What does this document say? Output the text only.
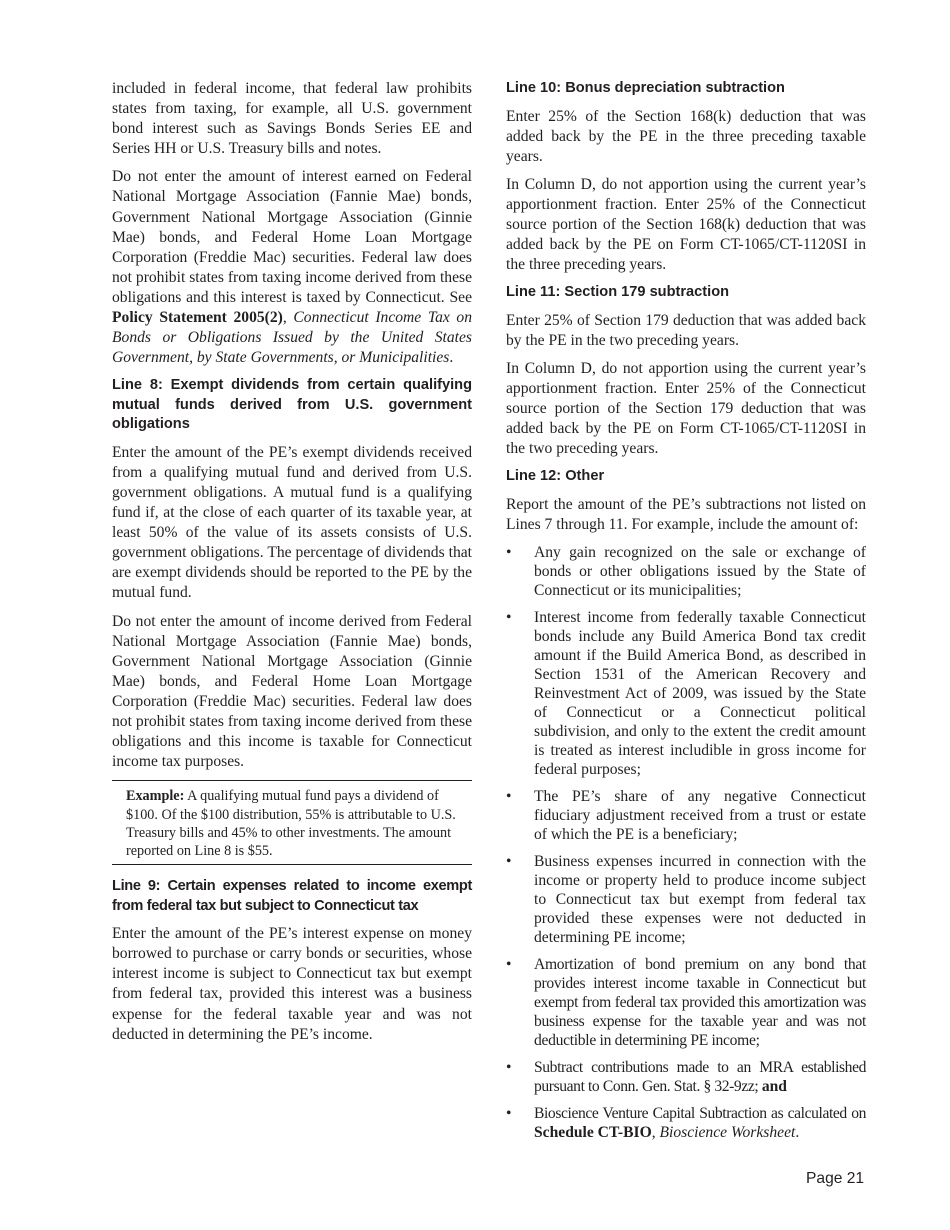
included in federal income, that federal law prohibits states from taxing, for example, all U.S. government bond interest such as Savings Bonds Series EE and Series HH or U.S. Treasury bills and notes.

Do not enter the amount of interest earned on Federal National Mortgage Association (Fannie Mae) bonds, Government National Mortgage Association (Ginnie Mae) bonds, and Federal Home Loan Mortgage Corporation (Freddie Mac) securities. Federal law does not prohibit states from taxing income derived from these obligations and this interest is taxed by Connecticut. See Policy Statement 2005(2), Connecticut Income Tax on Bonds or Obligations Issued by the United States Government, by State Governments, or Municipalities.

Line 8: Exempt dividends from certain qualifying mutual funds derived from U.S. government obligations

Enter the amount of the PE’s exempt dividends received from a qualifying mutual fund and derived from U.S. government obligations. A mutual fund is a qualifying fund if, at the close of each quarter of its taxable year, at least 50% of the value of its assets consists of U.S. government obligations. The percentage of dividends that are exempt dividends should be reported to the PE by the mutual fund.

Do not enter the amount of income derived from Federal National Mortgage Association (Fannie Mae) bonds, Government National Mortgage Association (Ginnie Mae) bonds, and Federal Home Loan Mortgage Corporation (Freddie Mac) securities. Federal law does not prohibit states from taxing income derived from these obligations and this income is taxable for Connecticut income tax purposes.

Example: A qualifying mutual fund pays a dividend of $100. Of the $100 distribution, 55% is attributable to U.S. Treasury bills and 45% to other investments. The amount reported on Line 8 is $55.

Line 9: Certain expenses related to income exempt from federal tax but subject to Connecticut tax

Enter the amount of the PE’s interest expense on money borrowed to purchase or carry bonds or securities, whose interest income is subject to Connecticut tax but exempt from federal tax, provided this interest was a business expense for the federal taxable year and was not deducted in determining the PE’s income.

Line 10: Bonus depreciation subtraction

Enter 25% of the Section 168(k) deduction that was added back by the PE in the three preceding taxable years.

In Column D, do not apportion using the current year’s apportionment fraction. Enter 25% of the Connecticut source portion of the Section 168(k) deduction that was added back by the PE on Form CT-1065/CT-1120SI in the three preceding years.

Line 11: Section 179 subtraction

Enter 25% of Section 179 deduction that was added back by the PE in the two preceding years.

In Column D, do not apportion using the current year’s apportionment fraction. Enter 25% of the Connecticut source portion of the Section 179 deduction that was added back by the PE on Form CT-1065/CT-1120SI in the two preceding years.

Line 12: Other

Report the amount of the PE’s subtractions not listed on Lines 7 through 11. For example, include the amount of:

• Any gain recognized on the sale or exchange of bonds or other obligations issued by the State of Connecticut or its municipalities;
• Interest income from federally taxable Connecticut bonds include any Build America Bond tax credit amount if the Build America Bond, as described in Section 1531 of the American Recovery and Reinvestment Act of 2009, was issued by the State of Connecticut or a Connecticut political subdivision, and only to the extent the credit amount is treated as interest includible in gross income for federal purposes;
• The PE’s share of any negative Connecticut fiduciary adjustment received from a trust or estate of which the PE is a beneficiary;
• Business expenses incurred in connection with the income or property held to produce income subject to Connecticut tax but exempt from federal tax provided these expenses were not deducted in determining PE income;
• Amortization of bond premium on any bond that provides interest income taxable in Connecticut but exempt from federal tax provided this amortization was business expense for the taxable year and was not deductible in determining PE income;
• Subtract contributions made to an MRA established pursuant to Conn. Gen. Stat. § 32-9zz; and
• Bioscience Venture Capital Subtraction as calculated on Schedule CT-BIO, Bioscience Worksheet.
Page 21
